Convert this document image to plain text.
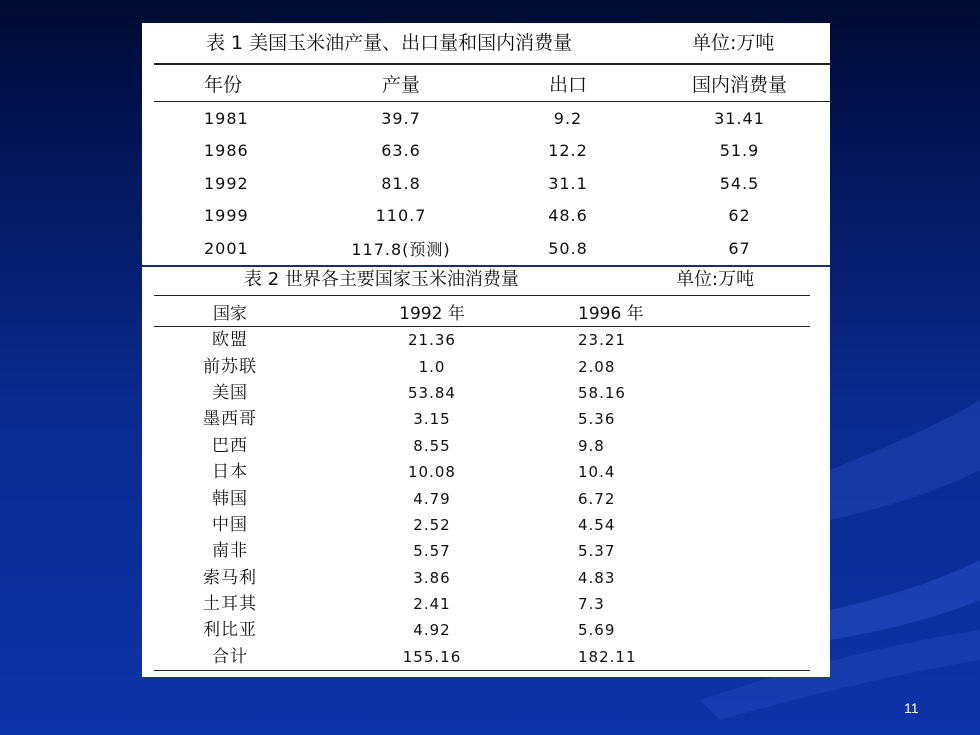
表 1 美国玉米油产量、出口量和国内消费量	单位:万吨
年份	产量	出口	国内消费量
1981	39.7	9.2	31.41
1986	63.6	12.2	51.9
1992	81.8	31.1	54.5
1999	110.7	48.6	62
2001	117.8(预测)	50.8	67
表 2 世界各主要国家玉米油消费量	单位:万吨
国家	1992 年	1996 年
欧盟	21.36	23.21
前苏联	1.0	2.08
美国	53.84	58.16
墨西哥	3.15	5.36
巴西	8.55	9.8
日本	10.08	10.4
韩国	4.79	6.72
中国	2.52	4.54
南非	5.57	5.37
索马利	3.86	4.83
土耳其	2.41	7.3
利比亚	4.92	5.69
合计	155.16	182.11
11
